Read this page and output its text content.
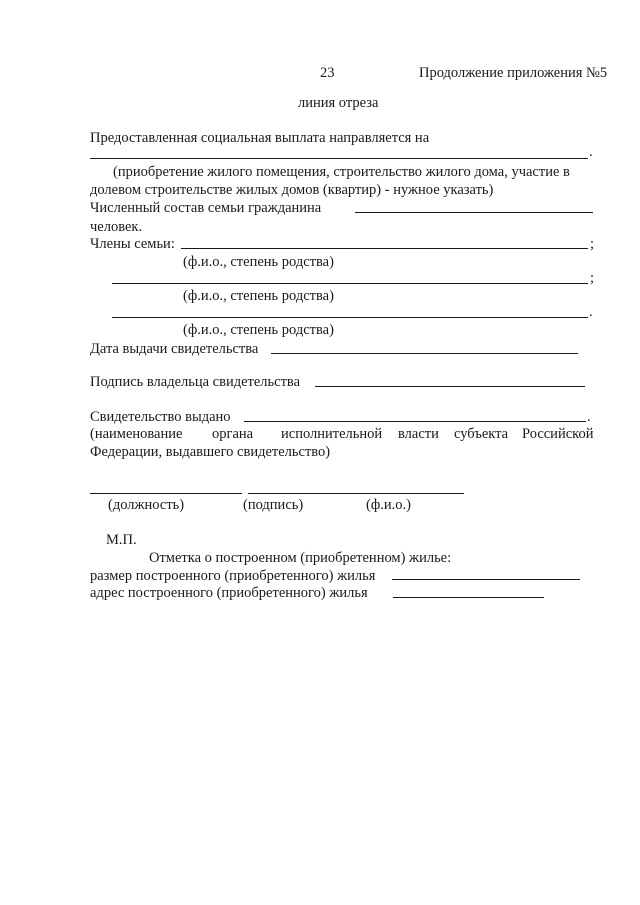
23	Продолжение приложения №5
линия отреза
Предоставленная социальная выплата направляется на
.
(приобретение жилого помещения, строительство жилого дома, участие в
долевом строительстве жилых домов (квартир) - нужное указать)
Численный состав семьи гражданина
человек.
Члены семьи:	;
(ф.и.о., степень родства)
;
(ф.и.о., степень родства)
.
(ф.и.о., степень родства)
Дата выдачи свидетельства
Подпись владельца свидетельства
Свидетельство выдано	.
(наименование органа исполнительной власти субъекта Российской
Федерации, выдавшего свидетельство)
(должность)	(подпись)	(ф.и.о.)
М.П.
Отметка о построенном (приобретенном) жилье:
размер построенного (приобретенного) жилья
адрес построенного (приобретенного) жилья
